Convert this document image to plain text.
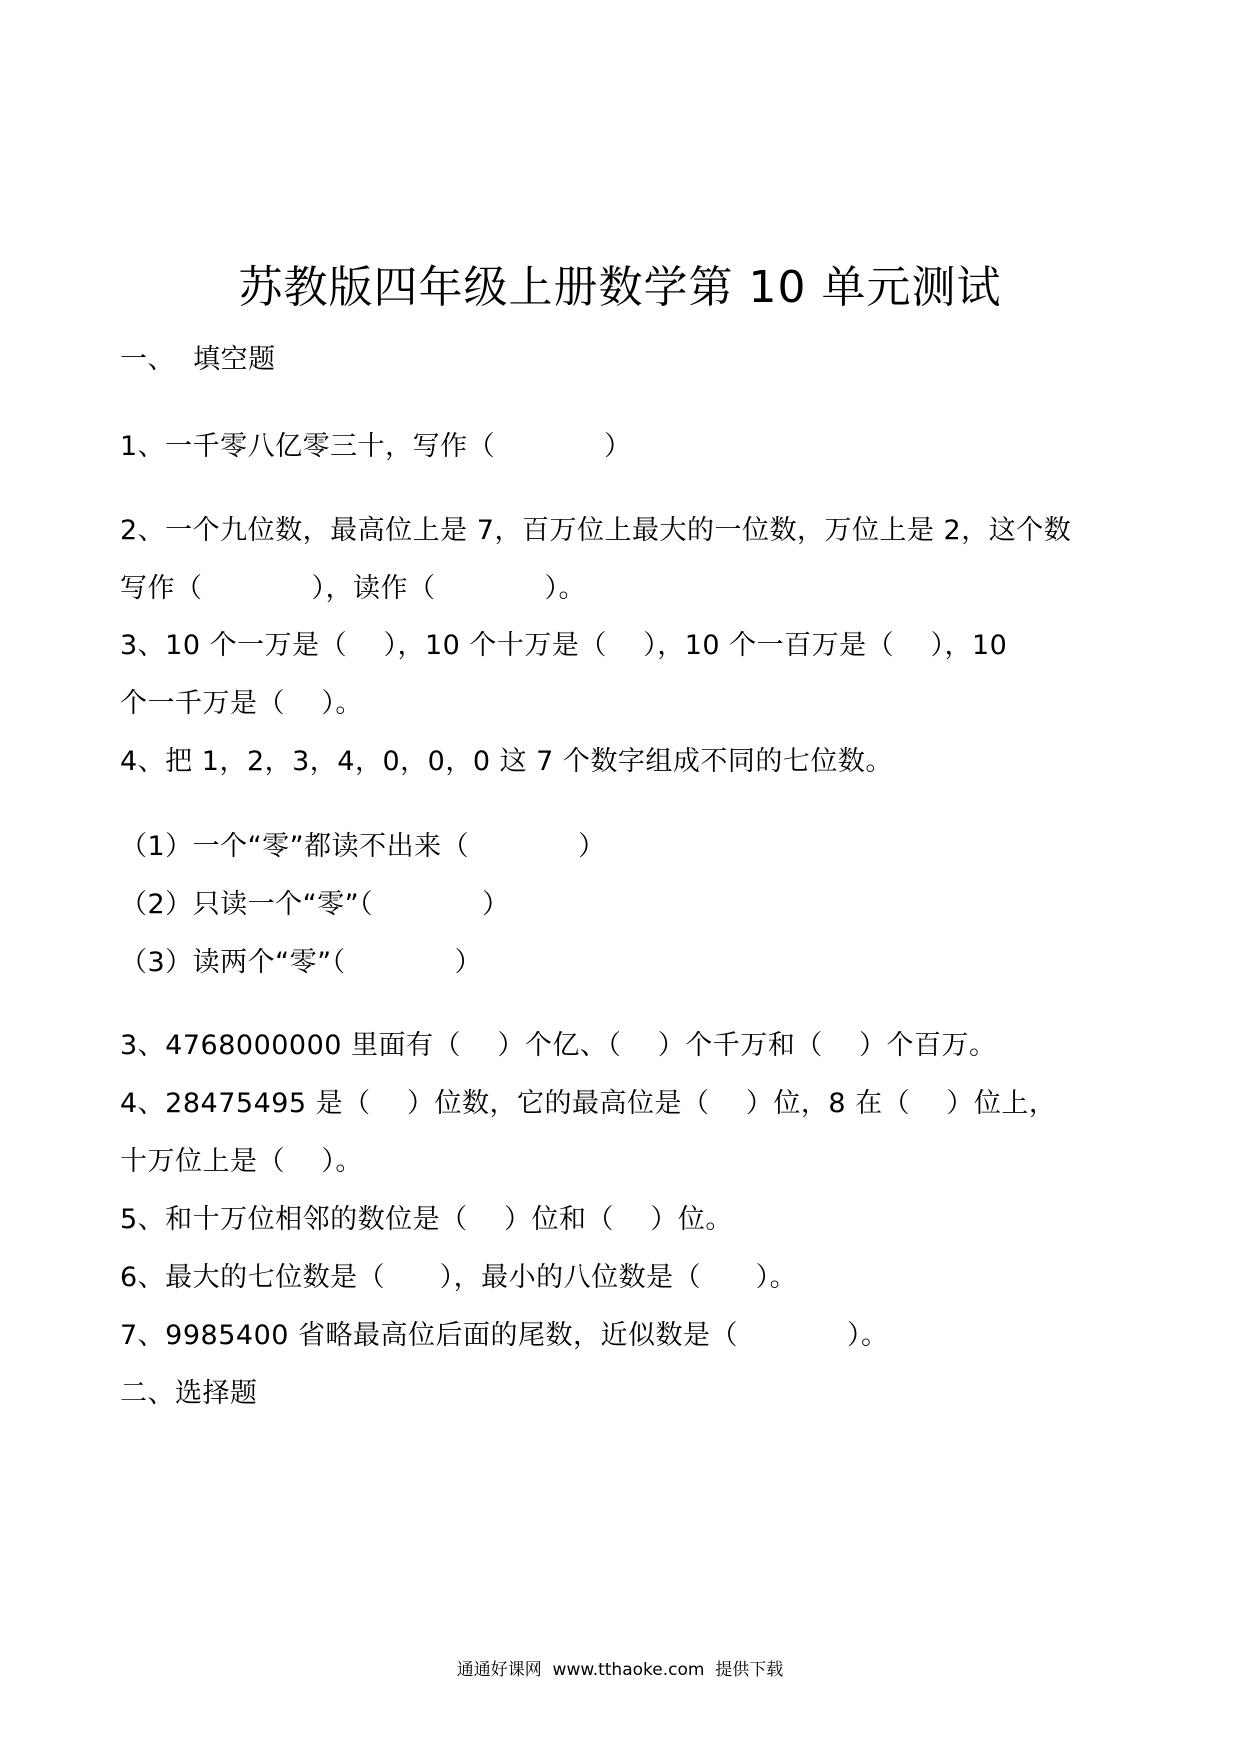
苏教版四年级上册数学第 10 单元测试
一、  填空题
1、一千零八亿零三十，写作（            ）
2、一个九位数，最高位上是 7，百万位上最大的一位数，万位上是 2，这个数
写作（            ），读作（            ）。
3、10 个一万是（    ），10 个十万是（    ），10 个一百万是（    ），10
个一千万是（    ）。
4、把 1，2，3，4，0，0，0 这 7 个数字组成不同的七位数。
（1）一个“零”都读不出来（            ）
（2）只读一个“零”（            ）
（3）读两个“零”（            ）
3、4768000000 里面有（    ）个亿、（    ）个千万和（    ）个百万。
4、28475495 是（    ）位数，它的最高位是（    ）位，8 在（    ）位上，
十万位上是（    ）。
5、和十万位相邻的数位是（    ）位和（    ）位。
6、最大的七位数是（      ），最小的八位数是（      ）。
7、9985400 省略最高位后面的尾数，近似数是（            ）。
二、选择题
通通好课网  www.tthaoke.com  提供下载
